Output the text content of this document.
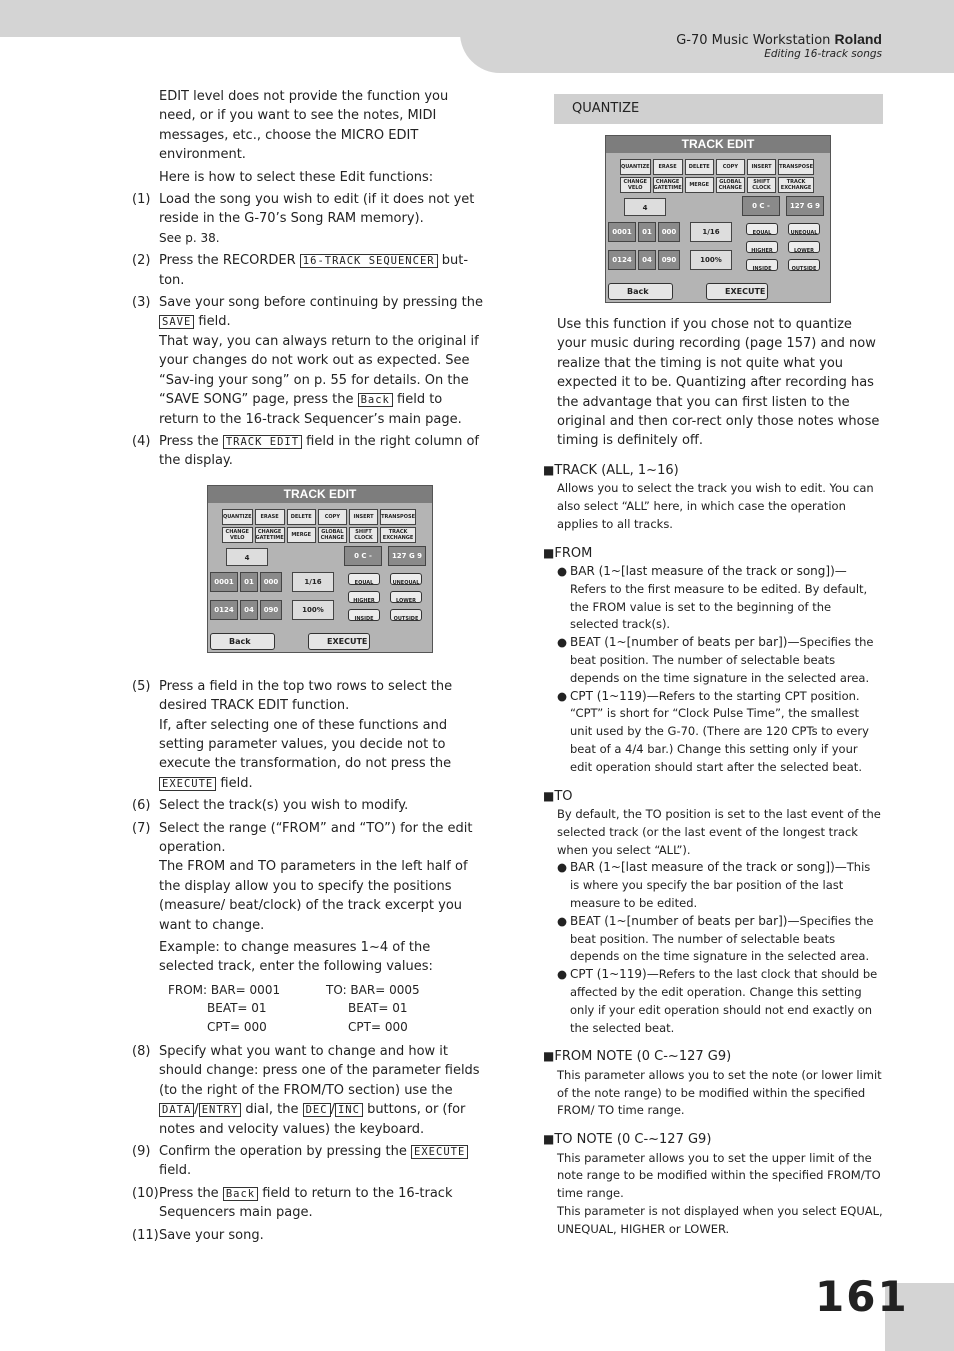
G-70 Music Workstation Roland
Editing 16-track songs

EDIT level does not provide the function you need, or if you want to see the notes, MIDI messages, etc., choose the MICRO EDIT environment.

Here is how to select these Edit functions:

(1) Load the song you wish to edit (if it does not yet reside in the G-70’s Song RAM memory).
See p. 38.
(2) Press the RECORDER 16-TRACK SEQUENCER but-ton.
(3) Save your song before continuing by pressing the SAVE field.
That way, you can always return to the original if your changes do not work out as expected. See “Sav-ing your song” on p. 55 for details. On the “SAVE SONG” page, press the Back field to return to the 16-track Sequencer’s main page.
(4) Press the TRACK EDIT field in the right column of the display.
TRACK EDIT
QUANTIZE	ERASE	DELETE	COPY	INSERT	TRANSPOSE
CHANGE VELO
CHANGE GATETIME	MERGE	GLOBAL CHANGE
SHIFT CLOCK
TRACK EXCHANGE
4
0001	01	000
0124	04	090
1/16
100%
0 C -	127 G 9
EQUAL	UNEQUAL
HIGHER	LOWER
INSIDE	OUTSIDE
Back	EXECUTE
(5) Press a field in the top two rows to select the desired TRACK EDIT function.
If, after selecting one of these functions and setting parameter values, you decide not to execute the transformation, do not press the EXECUTE field.
(6) Select the track(s) you wish to modify.
(7) Select the range (“FROM” and “TO”) for the edit operation.
The FROM and TO parameters in the left half of the display allow you to specify the positions (measure/ beat/clock) of the track excerpt you want to change.

Example: to change measures 1~4 of the selected track, enter the following values:

FROM: BAR= 0001	TO: BAR= 0005
BEAT= 01	BEAT= 01
CPT= 000	CPT= 000
(8) Specify what you want to change and how it should change: press one of the parameter fields (to the right of the FROM/TO section) use the DATA / ENTRY dial, the DEC / INC buttons, or (for notes and velocity values) the keyboard.
(9) Confirm the operation by pressing the EXECUTE field.
(10) Press the Back field to return to the 16-track Sequencers main page.
(11) Save your song.
QUANTIZE
TRACK EDIT
QUANTIZE	ERASE	DELETE	COPY	INSERT	TRANSPOSE
CHANGE VELO
CHANGE GATETIME	MERGE	GLOBAL CHANGE
SHIFT CLOCK
TRACK EXCHANGE
4
0001	01	000
0124	04	090
1/16
100%
0 C -	127 G 9
EQUAL	UNEQUAL
HIGHER	LOWER
INSIDE	OUTSIDE
Back	EXECUTE

Use this function if you chose not to quantize your music during recording (page 157) and now realize that the timing is not quite what you expected it to be. Quantizing after recording has the advantage that you can first listen to the original and then cor-rect only those notes whose timing is definitely off.

■TRACK (ALL, 1~16)

Allows you to select the track you wish to edit. You can also select “ALL” here, in which case the operation applies to all tracks.

■FROM
● BAR (1~[last measure of the track or song])—Refers to the first measure to be edited. By default, the FROM value is set to the beginning of the selected track(s).
● BEAT (1~[number of beats per bar])—Specifies the beat position. The number of selectable beats depends on the time signature in the selected area.
● CPT (1~119)—Refers to the starting CPT position. “CPT” is short for “Clock Pulse Time”, the smallest unit used by the G-70. (There are 120 CPTs to every beat of a 4/4 bar.) Change this setting only if your edit operation should start after the selected beat.
■TO

By default, the TO position is set to the last event of the selected track (or the last event of the longest track when you select “ALL”).

● BAR (1~[last measure of the track or song])—This is where you specify the bar position of the last measure to be edited.
● BEAT (1~[number of beats per bar])—Specifies the beat position. The number of selectable beats depends on the time signature in the selected area.
● CPT (1~119)—Refers to the last clock that should be affected by the edit operation. Change this setting only if your edit operation should not end exactly on the selected beat.
■FROM NOTE (0 C-~127 G9)

This parameter allows you to set the note (or lower limit of the note range) to be modified within the specified FROM/ TO time range.

■TO NOTE (0 C-~127 G9)

This parameter allows you to set the upper limit of the note range to be modified within the specified FROM/TO time range.

This parameter is not displayed when you select EQUAL, UNEQUAL, HIGHER or LOWER.

161
